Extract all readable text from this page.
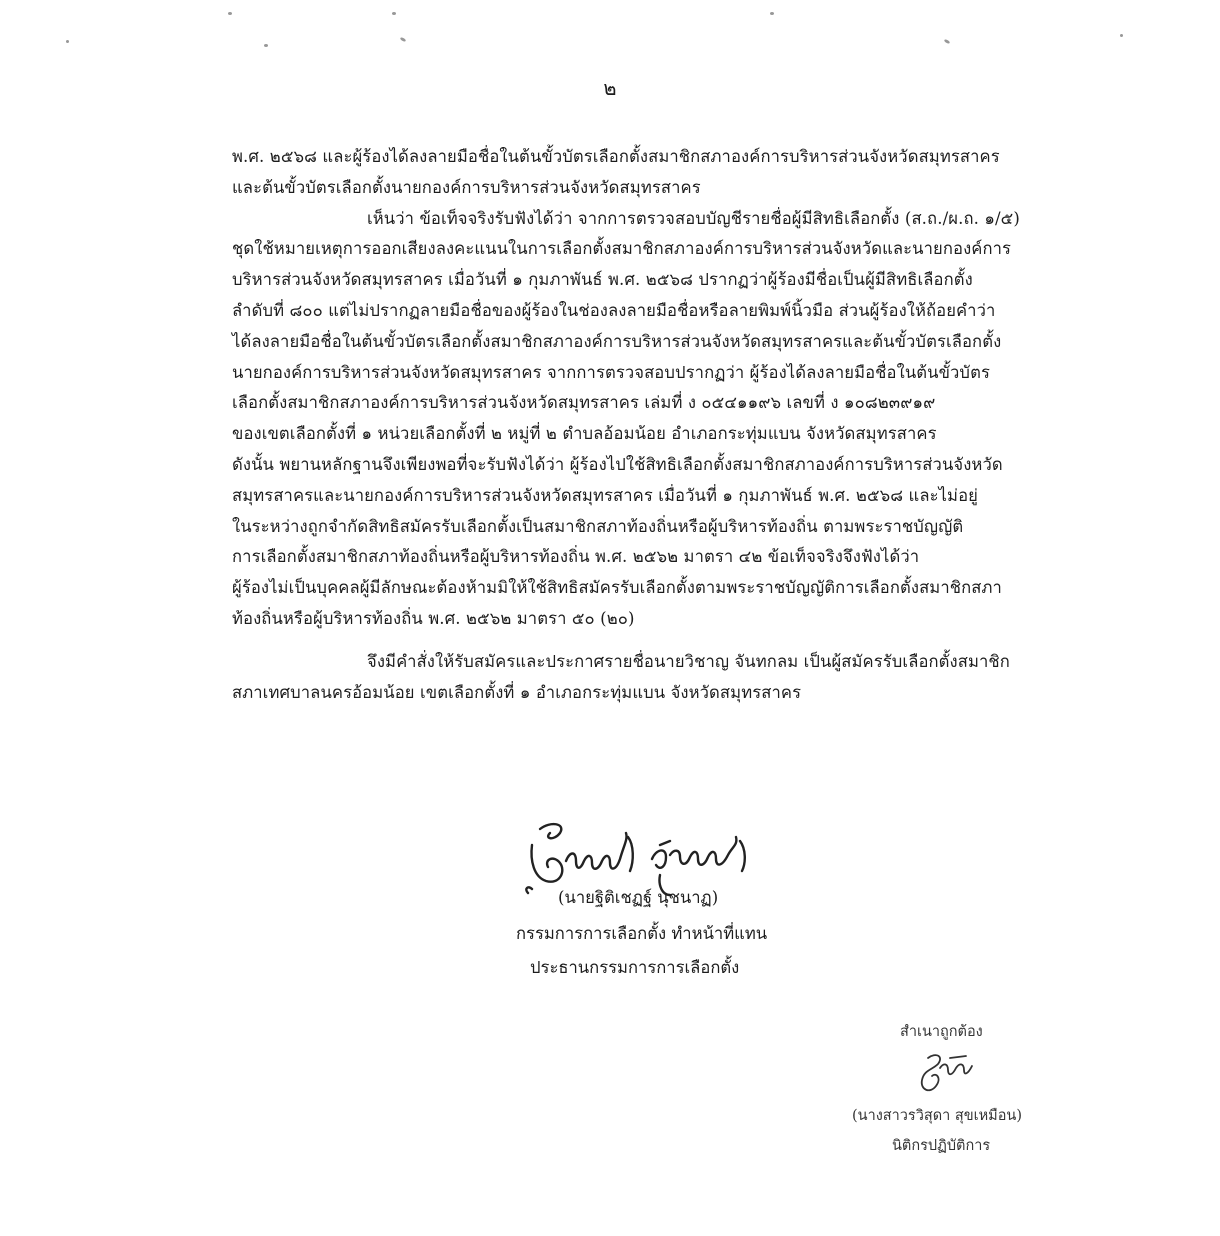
๒

พ.ศ. ๒๕๖๘ และผู้ร้องได้ลงลายมือชื่อในต้นขั้วบัตรเลือกตั้งสมาชิกสภาองค์การบริหารส่วนจังหวัดสมุทรสาคร
และต้นขั้วบัตรเลือกตั้งนายกองค์การบริหารส่วนจังหวัดสมุทรสาคร

เห็นว่า ข้อเท็จจริงรับฟังได้ว่า จากการตรวจสอบบัญชีรายชื่อผู้มีสิทธิเลือกตั้ง (ส.ถ./ผ.ถ. ๑/๕)
ชุดใช้หมายเหตุการออกเสียงลงคะแนนในการเลือกตั้งสมาชิกสภาองค์การบริหารส่วนจังหวัดและนายกองค์การ
บริหารส่วนจังหวัดสมุทรสาคร เมื่อวันที่ ๑ กุมภาพันธ์ พ.ศ. ๒๕๖๘ ปรากฏว่าผู้ร้องมีชื่อเป็นผู้มีสิทธิเลือกตั้ง
ลำดับที่ ๘๐๐ แต่ไม่ปรากฏลายมือชื่อของผู้ร้องในช่องลงลายมือชื่อหรือลายพิมพ์นิ้วมือ ส่วนผู้ร้องให้ถ้อยคำว่า
ได้ลงลายมือชื่อในต้นขั้วบัตรเลือกตั้งสมาชิกสภาองค์การบริหารส่วนจังหวัดสมุทรสาครและต้นขั้วบัตรเลือกตั้ง
นายกองค์การบริหารส่วนจังหวัดสมุทรสาคร จากการตรวจสอบปรากฏว่า ผู้ร้องได้ลงลายมือชื่อในต้นขั้วบัตร
เลือกตั้งสมาชิกสภาองค์การบริหารส่วนจังหวัดสมุทรสาคร เล่มที่ ง ๐๕๔๑๑๙๖ เลขที่ ง ๑๐๘๒๓๙๑๙
ของเขตเลือกตั้งที่ ๑ หน่วยเลือกตั้งที่ ๒ หมู่ที่ ๒ ตำบลอ้อมน้อย อำเภอกระทุ่มแบน จังหวัดสมุทรสาคร
ดังนั้น พยานหลักฐานจึงเพียงพอที่จะรับฟังได้ว่า ผู้ร้องไปใช้สิทธิเลือกตั้งสมาชิกสภาองค์การบริหารส่วนจังหวัด
สมุทรสาครและนายกองค์การบริหารส่วนจังหวัดสมุทรสาคร เมื่อวันที่ ๑ กุมภาพันธ์ พ.ศ. ๒๕๖๘ และไม่อยู่
ในระหว่างถูกจำกัดสิทธิสมัครรับเลือกตั้งเป็นสมาชิกสภาท้องถิ่นหรือผู้บริหารท้องถิ่น ตามพระราชบัญญัติ
การเลือกตั้งสมาชิกสภาท้องถิ่นหรือผู้บริหารท้องถิ่น พ.ศ. ๒๕๖๒ มาตรา ๔๒ ข้อเท็จจริงจึงฟังได้ว่า
ผู้ร้องไม่เป็นบุคคลผู้มีลักษณะต้องห้ามมิให้ใช้สิทธิสมัครรับเลือกตั้งตามพระราชบัญญัติการเลือกตั้งสมาชิกสภา
ท้องถิ่นหรือผู้บริหารท้องถิ่น พ.ศ. ๒๕๖๒ มาตรา ๕๐ (๒๐)

จึงมีคำสั่งให้รับสมัครและประกาศรายชื่อนายวิชาญ จันทกลม เป็นผู้สมัครรับเลือกตั้งสมาชิก
สภาเทศบาลนครอ้อมน้อย เขตเลือกตั้งที่ ๑ อำเภอกระทุ่มแบน จังหวัดสมุทรสาคร

(นายฐิติเชฏฐ์ นุชนาฏ)
กรรมการการเลือกตั้ง ทำหน้าที่แทน
ประธานกรรมการการเลือกตั้ง
สำเนาถูกต้อง
(นางสาวรวิสุดา สุขเหมือน)
นิติกรปฏิบัติการ
